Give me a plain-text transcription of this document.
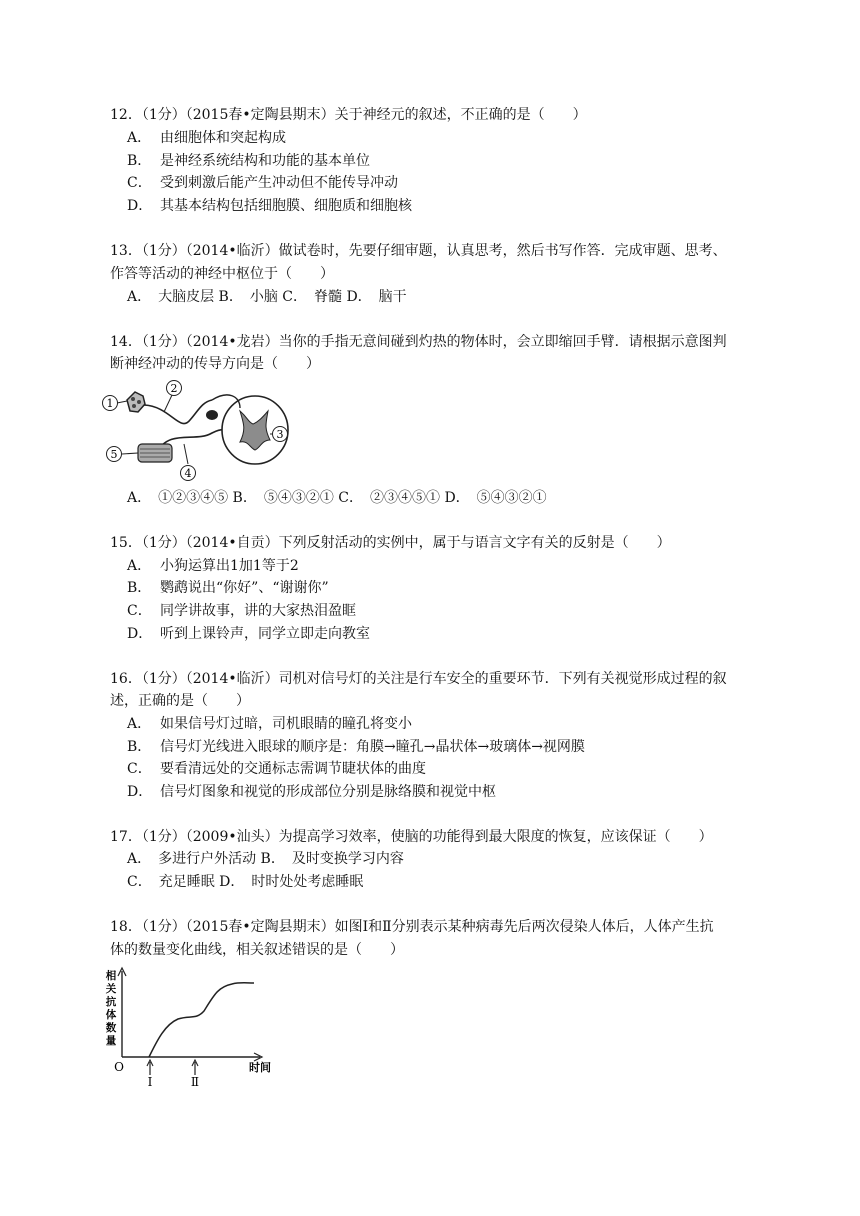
12．（1分）（2015春•定陶县期末）关于神经元的叙述，不正确的是（　　）
A． 由细胞体和突起构成
B． 是神经系统结构和功能的基本单位
C． 受到刺激后能产生冲动但不能传导冲动
D． 其基本结构包括细胞膜、细胞质和细胞核
13．（1分）（2014•临沂）做试卷时，先要仔细审题，认真思考，然后书写作答．完成审题、思考、
作答等活动的神经中枢位于（　　）
A．　大脑皮层 B．　小脑 C．　脊髓 D．　脑干
14．（1分）（2014•龙岩）当你的手指无意间碰到灼热的物体时，会立即缩回手臂．请根据示意图判
断神经冲动的传导方向是（　　）
1
2
3
4
5
A．　①②③④⑤ B．　⑤④③②① C．　②③④⑤① D．　⑤④③②①
15．（1分）（2014•自贡）下列反射活动的实例中，属于与语言文字有关的反射是（　　）
A． 小狗运算出1加1等于2
B． 鹦鹉说出“你好”、“谢谢你”
C． 同学讲故事，讲的大家热泪盈眶
D． 听到上课铃声，同学立即走向教室
16．（1分）（2014•临沂）司机对信号灯的关注是行车安全的重要环节．下列有关视觉形成过程的叙
述，正确的是（　　）
A． 如果信号灯过暗，司机眼睛的瞳孔将变小
B． 信号灯光线进入眼球的顺序是：角膜→瞳孔→晶状体→玻璃体→视网膜
C． 要看清远处的交通标志需调节睫状体的曲度
D． 信号灯图象和视觉的形成部位分别是脉络膜和视觉中枢
17．（1分）（2009•汕头）为提高学习效率，使脑的功能得到最大限度的恢复，应该保证（　　）
A．　多进行户外活动 B．　及时变换学习内容
C．　充足睡眠 D．　时时处处考虑睡眠
18．（1分）（2015春•定陶县期末）如图Ⅰ和Ⅱ分别表示某种病毒先后两次侵染人体后，人体产生抗
体的数量变化曲线，相关叙述错误的是（　　）
相
关
抗
体
数
量
O
Ⅰ	Ⅱ
时间
